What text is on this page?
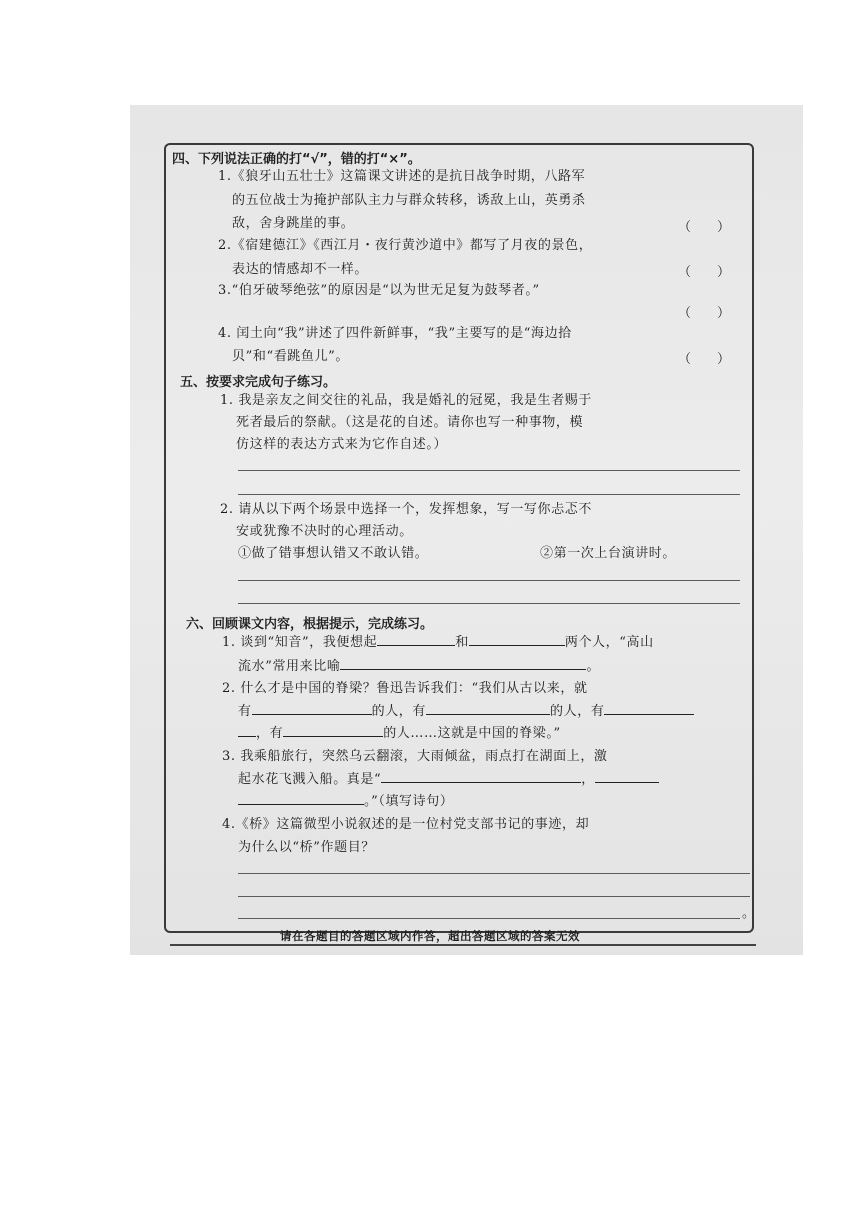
四、下列说法正确的打“√”，错的打“×”。
1.《狼牙山五壮士》这篇课文讲述的是抗日战争时期，八路军
的五位战士为掩护部队主力与群众转移，诱敌上山，英勇杀
敌，舍身跳崖的事。	（　　）
2.《宿建德江》《西江月・夜行黄沙道中》都写了月夜的景色，
表达的情感却不一样。	（　　）
3.“伯牙破琴绝弦”的原因是“以为世无足复为鼓琴者。”
（　　）
4. 闰土向“我”讲述了四件新鲜事，“我”主要写的是“海边拾
贝”和“看跳鱼儿”。	（　　）
五、按要求完成句子练习。
1. 我是亲友之间交往的礼品，我是婚礼的冠冕，我是生者赐于
死者最后的祭献。（这是花的自述。请你也写一种事物，模
仿这样的表达方式来为它作自述。）
2. 请从以下两个场景中选择一个，发挥想象，写一写你忐忑不
安或犹豫不决时的心理活动。
①做了错事想认错又不敢认错。	②第一次上台演讲时。
六、回顾课文内容，根据提示，完成练习。
1. 谈到“知音”，我便想起	和	两个人，“高山
流水”常用来比喻	。
2. 什么才是中国的脊梁？鲁迅告诉我们：“我们从古以来，就
有	的人，有	的人，有
，有	的人……这就是中国的脊梁。”
3. 我乘船旅行，突然乌云翻滚，大雨倾盆，雨点打在湖面上，激
起水花飞溅入船。真是“	，
。”（填写诗句）
4.《桥》这篇微型小说叙述的是一位村党支部书记的事迹，却
为什么以“桥”作题目？
。
请在各题目的答题区域内作答，超出答题区域的答案无效
